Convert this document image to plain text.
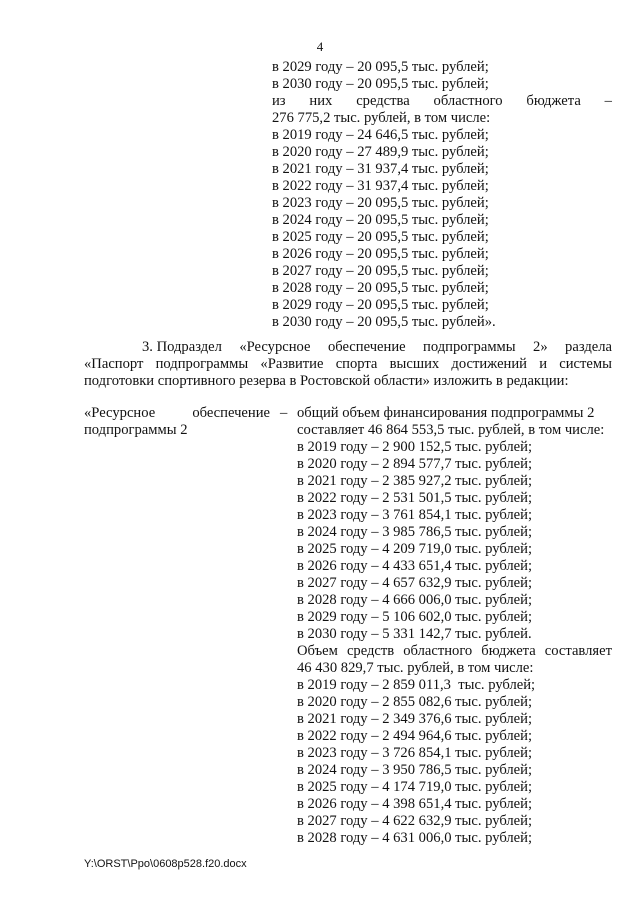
4
в 2029 году – 20 095,5 тыс. рублей;
в 2030 году – 20 095,5 тыс. рублей;
из них средства областного бюджета –
276 775,2 тыс. рублей, в том числе:
в 2019 году – 24 646,5 тыс. рублей;
в 2020 году – 27 489,9 тыс. рублей;
в 2021 году – 31 937,4 тыс. рублей;
в 2022 году – 31 937,4 тыс. рублей;
в 2023 году – 20 095,5 тыс. рублей;
в 2024 году – 20 095,5 тыс. рублей;
в 2025 году – 20 095,5 тыс. рублей;
в 2026 году – 20 095,5 тыс. рублей;
в 2027 году – 20 095,5 тыс. рублей;
в 2028 году – 20 095,5 тыс. рублей;
в 2029 году – 20 095,5 тыс. рублей;
в 2030 году – 20 095,5 тыс. рублей».
3. Подраздел «Ресурсное обеспечение подпрограммы 2» раздела
«Паспорт подпрограммы «Развитие спорта высших достижений и системы
подготовки спортивного резерва в Ростовской области» изложить в редакции:
«Ресурсное	обеспечение
подпрограммы 2
– общий объем финансирования подпрограммы 2
составляет 46 864 553,5 тыс. рублей, в том числе:
в 2019 году – 2 900 152,5 тыс. рублей;
в 2020 году – 2 894 577,7 тыс. рублей;
в 2021 году – 2 385 927,2 тыс. рублей;
в 2022 году – 2 531 501,5 тыс. рублей;
в 2023 году – 3 761 854,1 тыс. рублей;
в 2024 году – 3 985 786,5 тыс. рублей;
в 2025 году – 4 209 719,0 тыс. рублей;
в 2026 году – 4 433 651,4 тыс. рублей;
в 2027 году – 4 657 632,9 тыс. рублей;
в 2028 году – 4 666 006,0 тыс. рублей;
в 2029 году – 5 106 602,0 тыс. рублей;
в 2030 году – 5 331 142,7 тыс. рублей.
Объем средств областного бюджета составляет
46 430 829,7 тыс. рублей, в том числе:
в 2019 году – 2 859 011,3  тыс. рублей;
в 2020 году – 2 855 082,6 тыс. рублей;
в 2021 году – 2 349 376,6 тыс. рублей;
в 2022 году – 2 494 964,6 тыс. рублей;
в 2023 году – 3 726 854,1 тыс. рублей;
в 2024 году – 3 950 786,5 тыс. рублей;
в 2025 году – 4 174 719,0 тыс. рублей;
в 2026 году – 4 398 651,4 тыс. рублей;
в 2027 году – 4 622 632,9 тыс. рублей;
в 2028 году – 4 631 006,0 тыс. рублей;
Y:\ORST\Ppo\0608p528.f20.docx
